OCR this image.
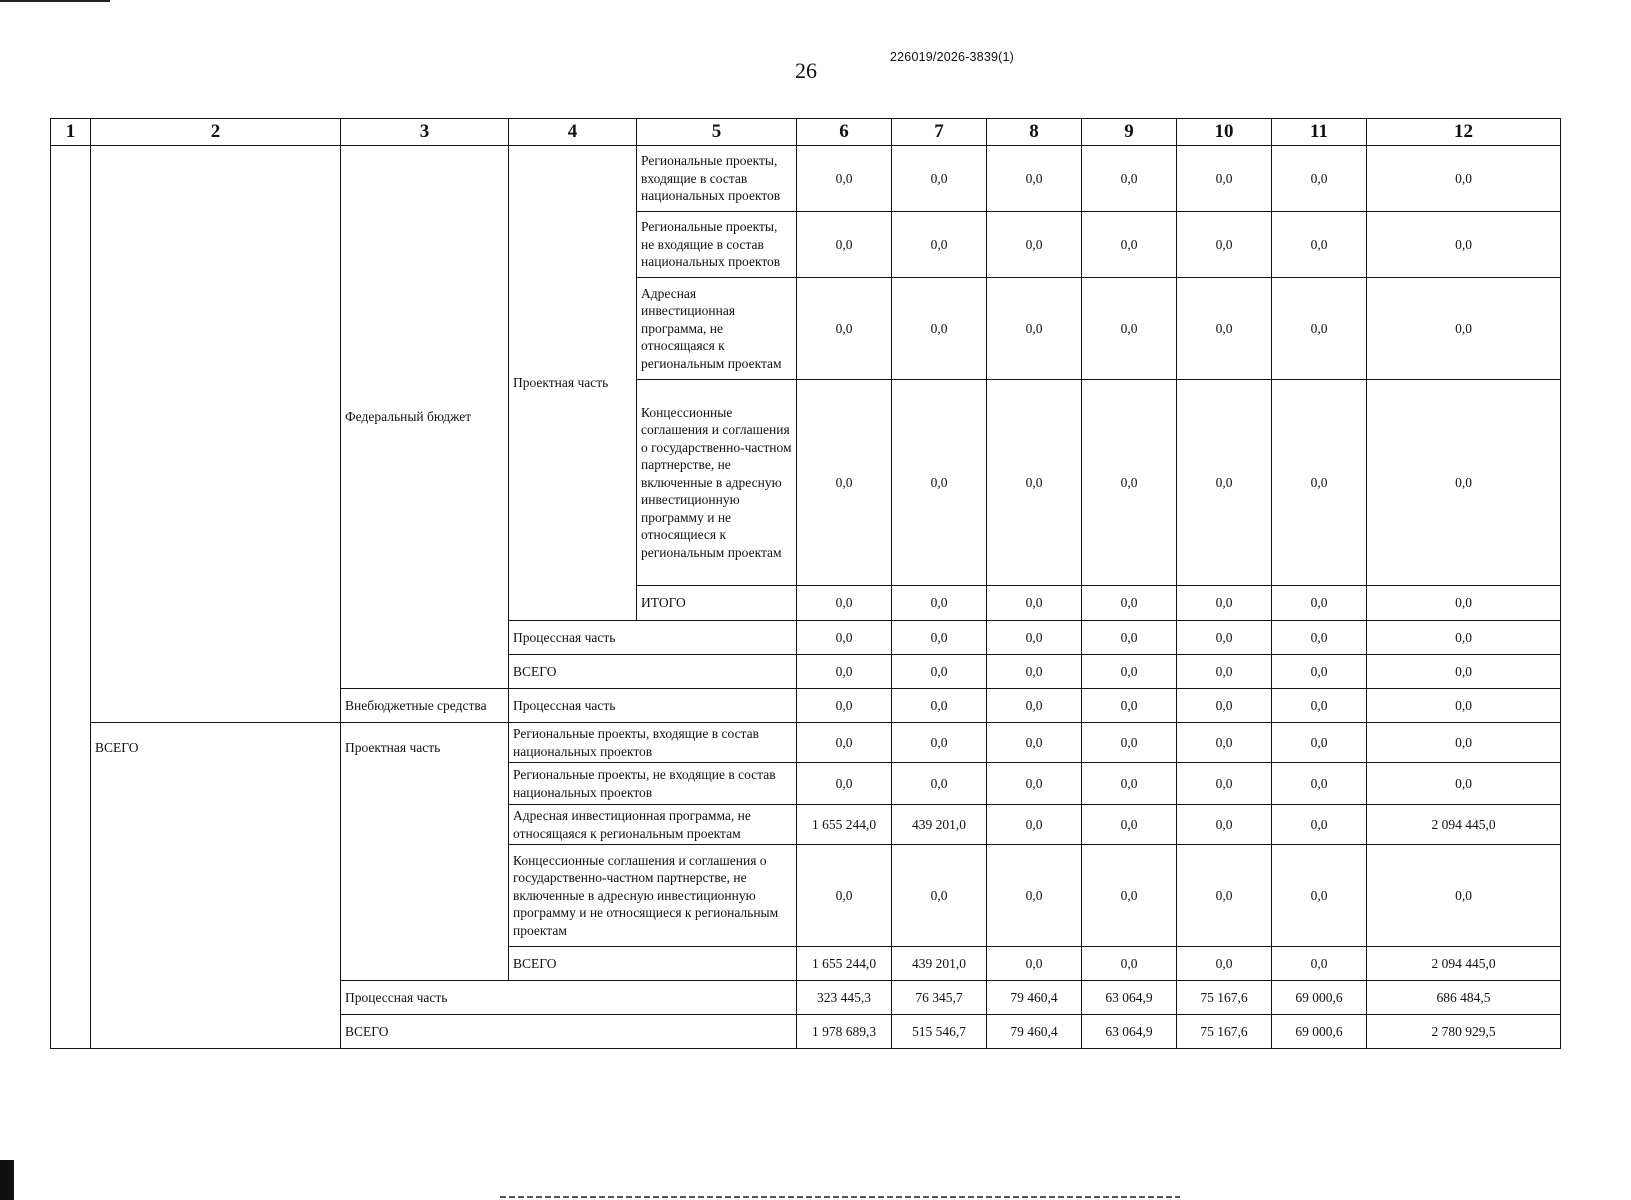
26
226019/2026-3839(1)
1	2	3	4	5	6	7	8	9	10	11	12
		Федеральный бюджет	Проектная часть	Региональные проекты, входящие в состав национальных проектов	0,0	0,0	0,0	0,0	0,0	0,0	0,0
				Региональные проекты, не входящие в состав национальных проектов	0,0	0,0	0,0	0,0	0,0	0,0	0,0
				Адресная инвестиционная программа, не относящаяся к региональным проектам	0,0	0,0	0,0	0,0	0,0	0,0	0,0
				Концессионные соглашения и соглашения о государственно-частном партнерстве, не включенные в адресную инвестиционную программу и не относящиеся к региональным проектам	0,0	0,0	0,0	0,0	0,0	0,0	0,0
				ИТОГО	0,0	0,0	0,0	0,0	0,0	0,0	0,0
			Процессная часть		0,0	0,0	0,0	0,0	0,0	0,0	0,0
			ВСЕГО		0,0	0,0	0,0	0,0	0,0	0,0	0,0
		Внебюджетные средства	Процессная часть		0,0	0,0	0,0	0,0	0,0	0,0	0,0
	ВСЕГО	Проектная часть	Региональные проекты, входящие в состав национальных проектов		0,0	0,0	0,0	0,0	0,0	0,0	0,0
			Региональные проекты, не входящие в состав национальных проектов		0,0	0,0	0,0	0,0	0,0	0,0	0,0
			Адресная инвестиционная программа, не относящаяся к региональным проектам		1 655 244,0	439 201,0	0,0	0,0	0,0	0,0	2 094 445,0
			Концессионные соглашения и соглашения о государственно-частном партнерстве, не включенные в адресную инвестиционную программу и не относящиеся к региональным проектам		0,0	0,0	0,0	0,0	0,0	0,0	0,0
			ВСЕГО		1 655 244,0	439 201,0	0,0	0,0	0,0	0,0	2 094 445,0
		Процессная часть			323 445,3	76 345,7	79 460,4	63 064,9	75 167,6	69 000,6	686 484,5
		ВСЕГО			1 978 689,3	515 546,7	79 460,4	63 064,9	75 167,6	69 000,6	2 780 929,5
